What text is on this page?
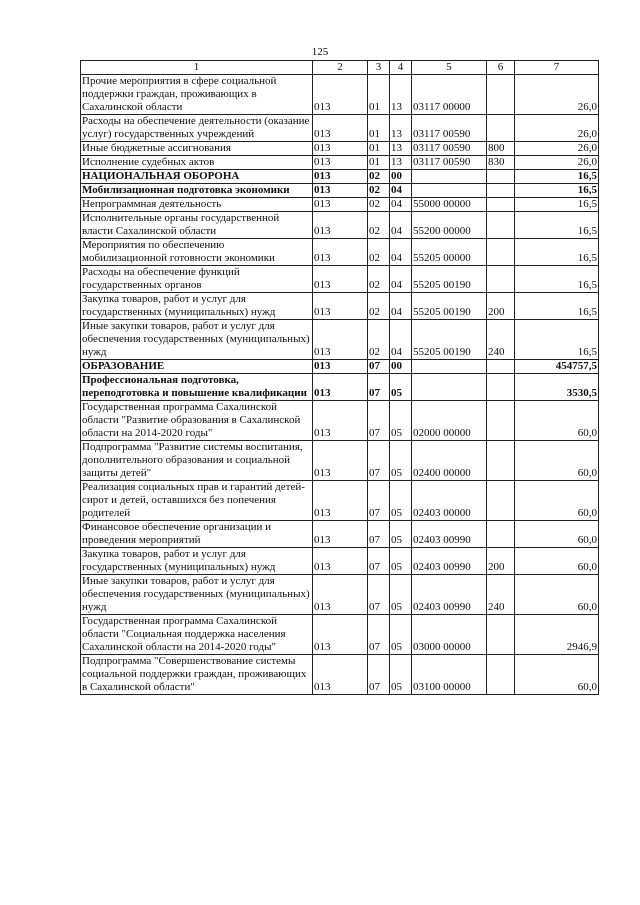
125
1	2	3	4	5	6	7
Прочие мероприятия в сфере социальной поддержки граждан, проживающих в Сахалинской области	013	01	13	03117 00000		26,0
Расходы на обеспечение деятельности (оказание услуг) государственных учреждений	013	01	13	03117 00590		26,0
Иные бюджетные ассигнования	013	01	13	03117 00590	800	26,0
Исполнение судебных актов	013	01	13	03117 00590	830	26,0
НАЦИОНАЛЬНАЯ ОБОРОНА	013	02	00			16,5
Мобилизационная подготовка экономики	013	02	04			16,5
Непрограммная деятельность	013	02	04	55000 00000		16,5
Исполнительные органы государственной власти Сахалинской области	013	02	04	55200 00000		16,5
Мероприятия по обеспечению мобилизационной готовности экономики	013	02	04	55205 00000		16,5
Расходы на обеспечение функций государственных органов	013	02	04	55205 00190		16,5
Закупка товаров, работ и услуг для государственных (муниципальных) нужд	013	02	04	55205 00190	200	16,5
Иные закупки товаров, работ и услуг для обеспечения государственных (муниципальных) нужд	013	02	04	55205 00190	240	16,5
ОБРАЗОВАНИЕ	013	07	00			454757,5
Профессиональная подготовка, переподготовка и повышение квалификации	013	07	05			3530,5
Государственная программа Сахалинской области "Развитие образования в Сахалинской области на 2014-2020 годы"	013	07	05	02000 00000		60,0
Подпрограмма "Развитие системы воспитания, дополнительного образования и социальной защиты детей"	013	07	05	02400 00000		60,0
Реализация социальных прав и гарантий детей-сирот и детей, оставшихся без попечения родителей	013	07	05	02403 00000		60,0
Финансовое обеспечение организации и проведения мероприятий	013	07	05	02403 00990		60,0
Закупка товаров, работ и услуг для государственных (муниципальных) нужд	013	07	05	02403 00990	200	60,0
Иные закупки товаров, работ и услуг для обеспечения государственных (муниципальных) нужд	013	07	05	02403 00990	240	60,0
Государственная программа Сахалинской области "Социальная поддержка населения Сахалинской области на 2014-2020 годы"	013	07	05	03000 00000		2946,9
Подпрограмма "Совершенствование системы социальной поддержки граждан, проживающих в Сахалинской области"	013	07	05	03100 00000		60,0
